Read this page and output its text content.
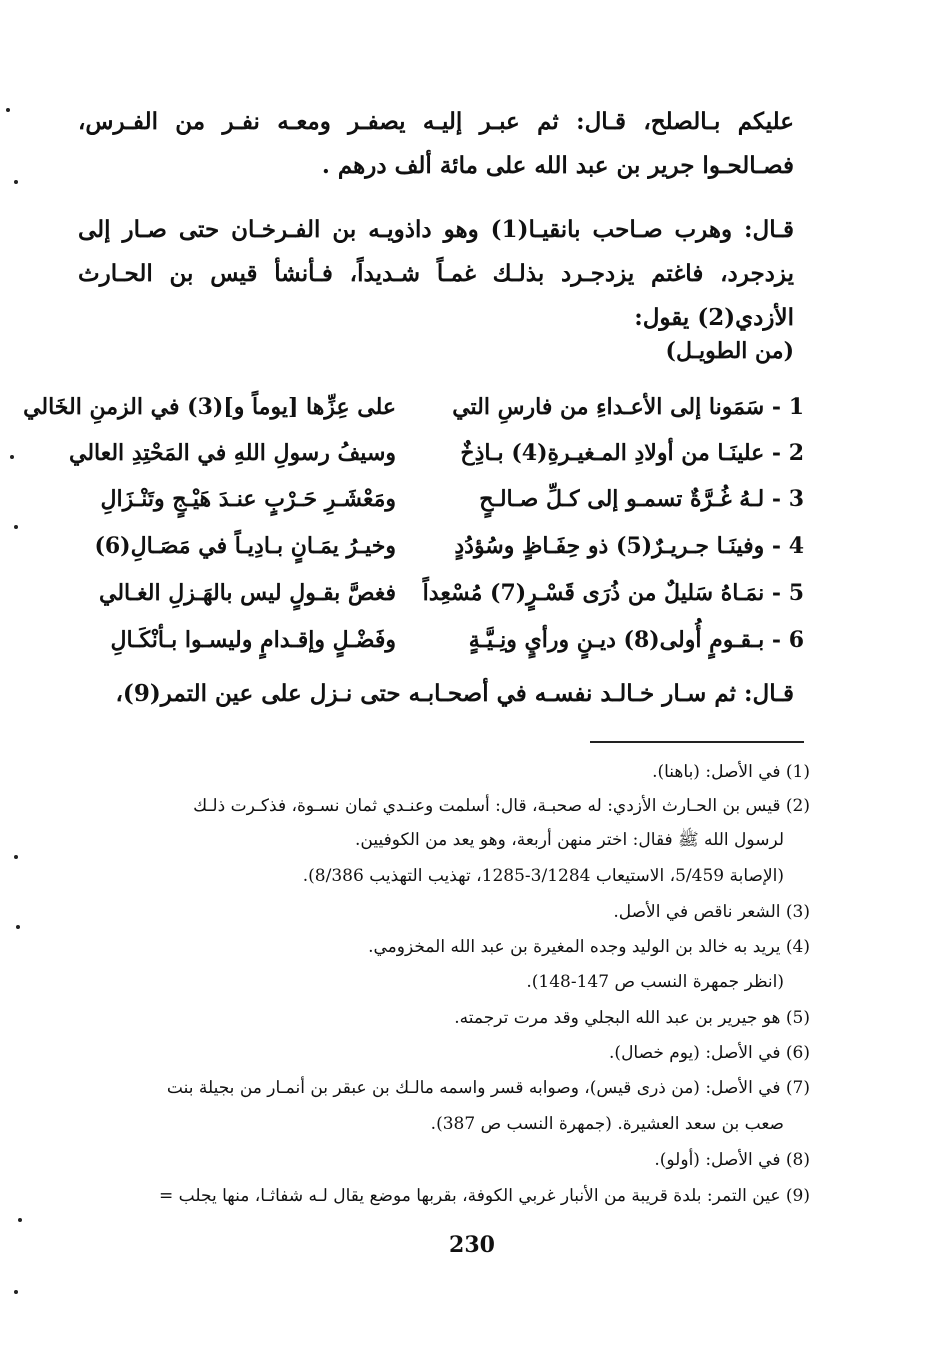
عليكم بـالصلح، قـال: ثم عبـر إليـه يصفـر ومعـه نفـر من الفـرس، فصـالحـوا جرير بن عبد الله على مائة ألف درهم .
قـال: وهرب صـاحب بانقيـا(1) وهو داذويـه بن الفـرخـان حتى صـار إلى يزدجرد، فاغتم يزدجـرد بذلـك غمـاً شـديداً، فـأنشأ قيس بن الحـارث الأزدي(2) يقول:
(من الطويـل)
1 - سَمَونا إلى الأعـداءِ من فارسِ التي
على عِزِّها [يوماً و](3) في الزمنِ الخَالي
2 - علينَـا من أولادِ المـغيـرةِ(4) بـاذِخٌ
وسيفُ رسولِ اللهِ في المَحْتِدِ العالي
3 - لـهُ غُـرَّةٌ تسمـو إلى كـلِّ صـالـحٍ
ومَعْشَـرِ حَـرْبٍ عنـدَ هَيْـجٍ وتَنْـزَالِ
4 - وفينَـا جـريـرٌ(5) ذو حِفَـاظٍ وسُؤدُدٍ
وخيـرُ يمَـانٍ بـادِيـاً في مَصَـالِ(6)
5 - نمَـاهُ سَليلٌ من ذُرَى قَسْـرٍ(7) مُسْعِداً
فغصَّ بقـولٍ ليس بالهَـزلِ الغـالي
6 - بـقـومٍ أُولى(8) ديـنٍ ورأيٍ ونِـيَّـةٍ
وفَضْـلٍ وإقـدامٍ وليسـوا بـأنْكَـالِ
قـال: ثم سـار خـالـد نفسـه في أصحـابـه حتى نـزل على عين التمر(9)،
(1) في الأصل: (باهنا).
(2) قيس بن الحـارث الأزدي: له صحبـة، قال: أسلمت وعنـدي ثمان نسـوة، فذكـرت ذلـك
لرسول الله ﷺ فقال: اختر منهن أربعة، وهو يعد من الكوفيين.
(الإصابة 5/459، الاستيعاب 3/1284-1285، تهذيب التهذيب 8/386).
(3) الشعر ناقص في الأصل.
(4) يريد به خالد بن الوليد وجده المغيرة بن عبد الله المخزومي.
(انظر جمهرة النسب ص 147-148).
(5) هو جيرير بن عبد الله البجلي وقد مرت ترجمته.
(6) في الأصل: (يوم خصال).
(7) في الأصل: (من ذرى قيس)، وصوابه قسر واسمه مالـك بن عبقر بن أنمـار من بجيلة بنت
صعب بن سعد العشيرة. (جمهرة النسب ص 387).
(8) في الأصل: (أولو).
(9) عين التمر: بلدة قريبة من الأنبار غربي الكوفة، بقربها موضع يقال لـه شفاثـا، منها يجلب =
230
